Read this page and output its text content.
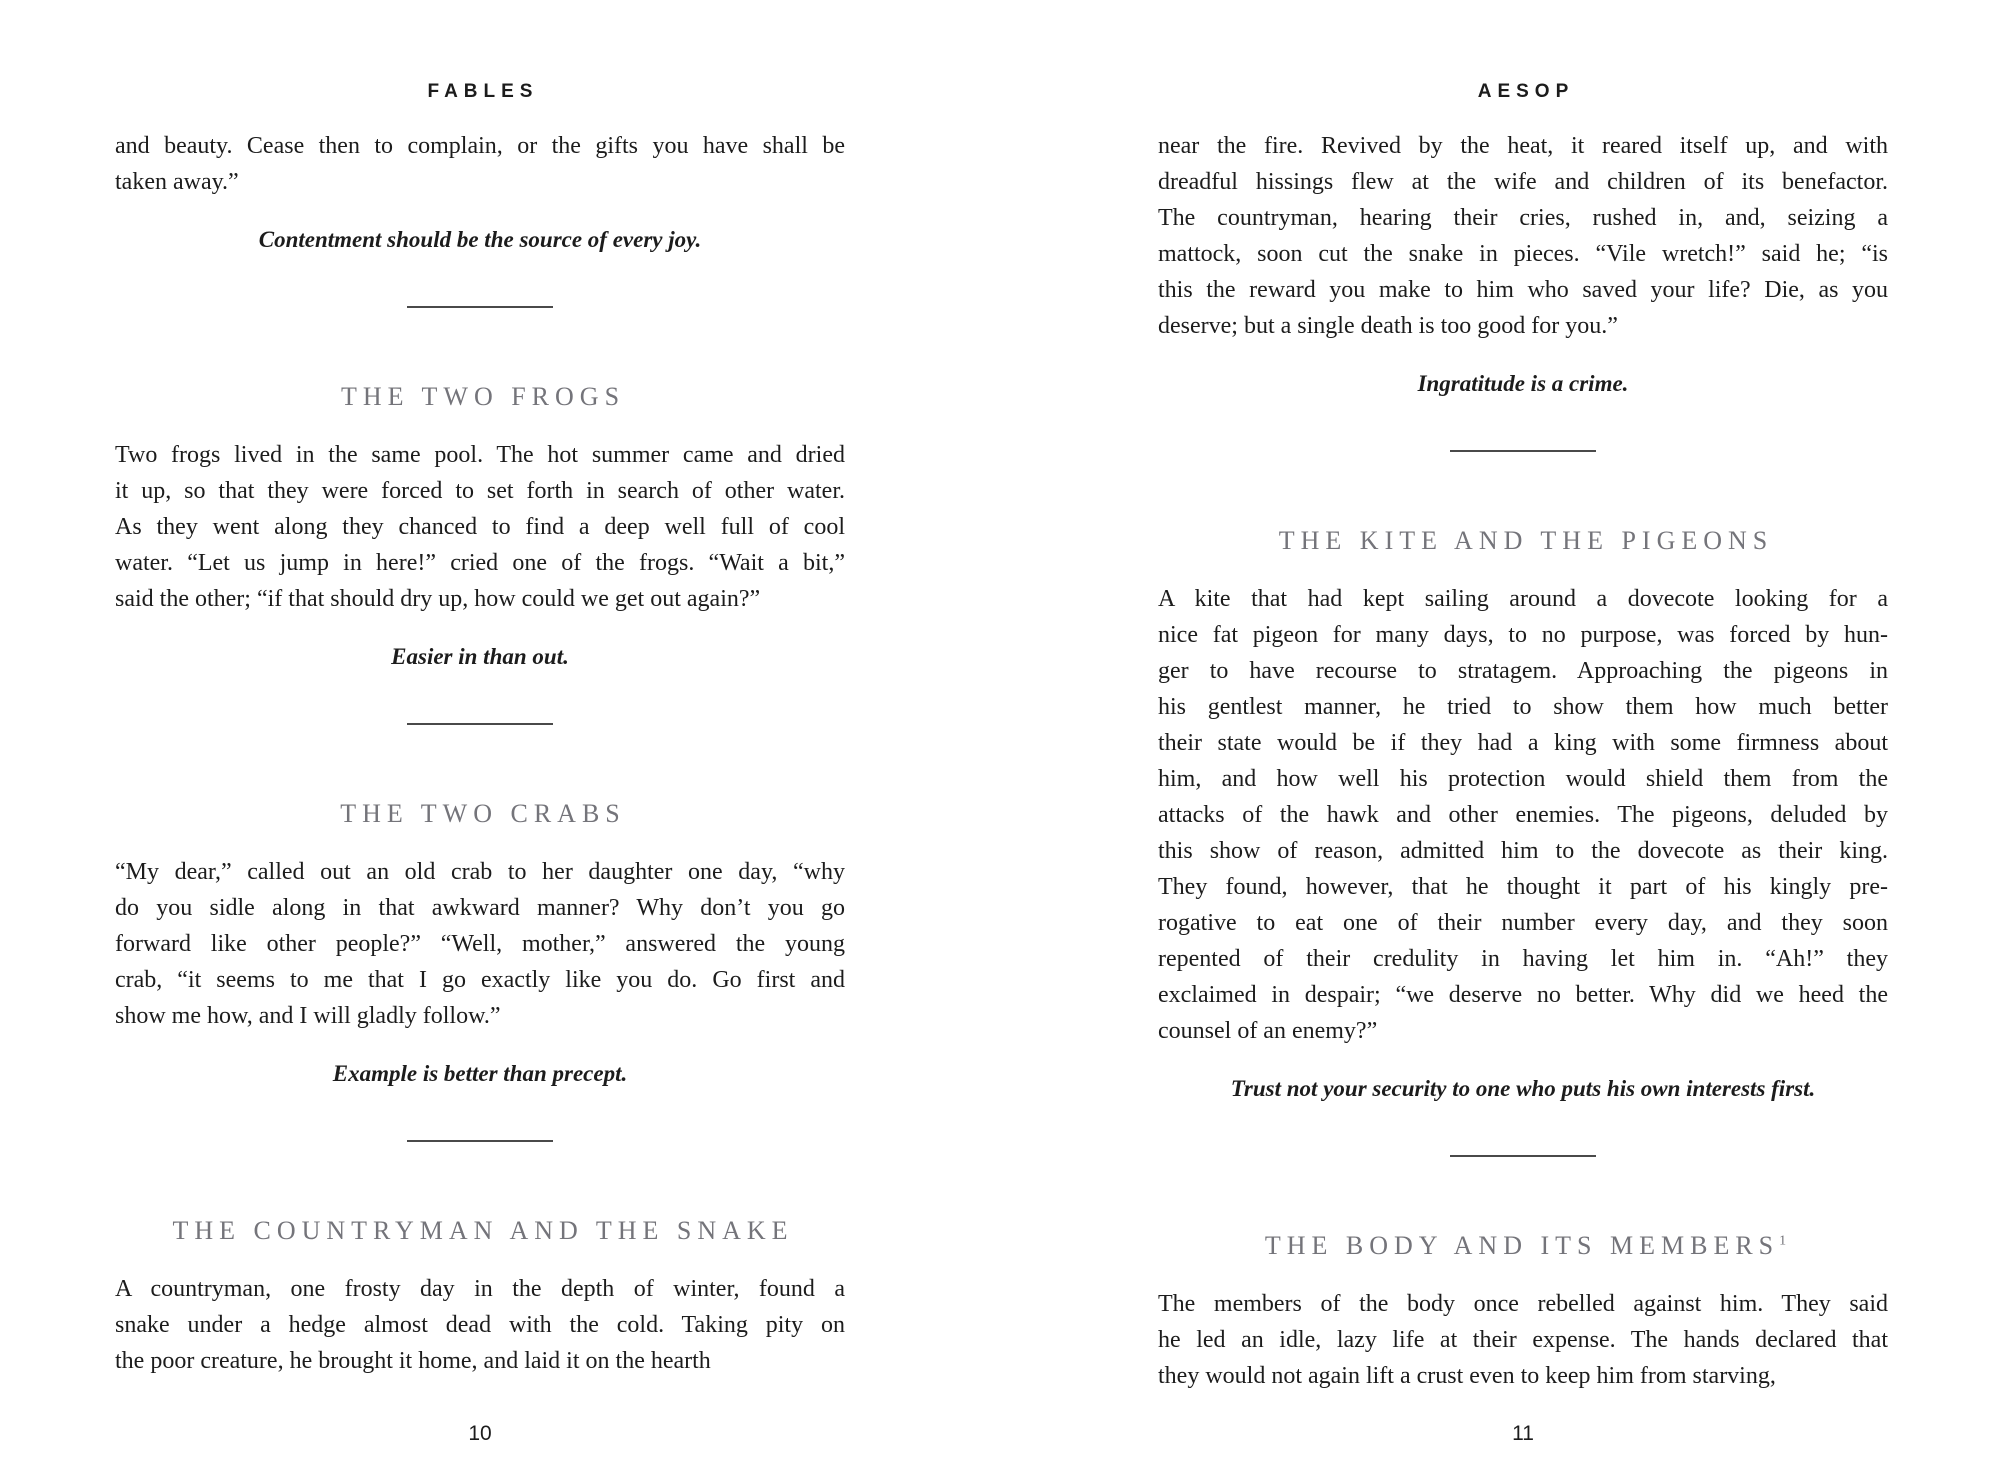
FABLES
and beauty. Cease then to complain, or the gifts you have shall be
taken away.”

Contentment should be the source of every joy.

THE TWO FROGS
Two frogs lived in the same pool. The hot summer came and dried
it up, so that they were forced to set forth in search of other water.
As they went along they chanced to find a deep well full of cool
water. “Let us jump in here!” cried one of the frogs. “Wait a bit,”
said the other; “if that should dry up, how could we get out again?”

Easier in than out.

THE TWO CRABS
“My dear,” called out an old crab to her daughter one day, “why
do you sidle along in that awkward manner? Why don’t you go
forward like other people?” “Well, mother,” answered the young
crab, “it seems to me that I go exactly like you do. Go first and
show me how, and I will gladly follow.”

Example is better than precept.

THE COUNTRYMAN AND THE SNAKE
A countryman, one frosty day in the depth of winter, found a
snake under a hedge almost dead with the cold. Taking pity on
the poor creature, he brought it home, and laid it on the hearth
10
AESOP
near the fire. Revived by the heat, it reared itself up, and with
dreadful hissings flew at the wife and children of its benefactor.
The countryman, hearing their cries, rushed in, and, seizing a
mattock, soon cut the snake in pieces. “Vile wretch!” said he; “is
this the reward you make to him who saved your life? Die, as you
deserve; but a single death is too good for you.”

Ingratitude is a crime.

THE KITE AND THE PIGEONS
A kite that had kept sailing around a dovecote looking for a
nice fat pigeon for many days, to no purpose, was forced by hun-
ger to have recourse to stratagem. Approaching the pigeons in
his gentlest manner, he tried to show them how much better
their state would be if they had a king with some firmness about
him, and how well his protection would shield them from the
attacks of the hawk and other enemies. The pigeons, deluded by
this show of reason, admitted him to the dovecote as their king.
They found, however, that he thought it part of his kingly pre-
rogative to eat one of their number every day, and they soon
repented of their credulity in having let him in. “Ah!” they
exclaimed in despair; “we deserve no better. Why did we heed the
counsel of an enemy?”

Trust not your security to one who puts his own interests first.

THE BODY AND ITS MEMBERS$^1$
The members of the body once rebelled against him. They said
he led an idle, lazy life at their expense. The hands declared that
they would not again lift a crust even to keep him from starving,
11
